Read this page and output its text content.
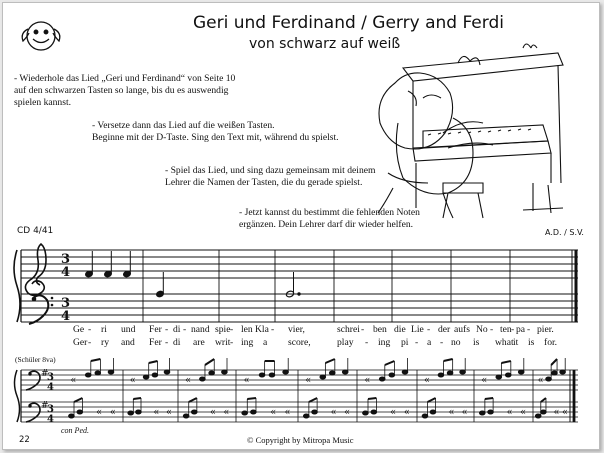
3
4
3
4
#
3
4
#
3
4
«
« «
«
« «
«
« «
«
« «
«
« «
«
« «
«
« «
«
« «
«
« «
Geri und Ferdinand / Gerry and Ferdi
von schwarz auf weiß
- Wiederhole das Lied „Geri und Ferdinand“ von Seite 10
auf den schwarzen Tasten so lange, bis du es auswendig
spielen kannst.
- Versetze dann das Lied auf die weißen Tasten.
Beginne mit der D-Taste. Sing den Text mit, während du spielst.
- Spiel das Lied, und sing dazu gemeinsam mit deinem
Lehrer die Namen der Tasten, die du gerade spielst.
- Jetzt kannst du bestimmt die fehlenden Noten
ergänzen. Dein Lehrer darf dir wieder helfen.
CD 4/41	A.D. / S.V.
(Schüler 8va)
con Ped.
22	© Copyright by Mitropa Music
Ge - ri und Fer - di - nand spie - len Kla - vier,	schrei - ben die Lie - der aufs No - ten - pa - pier.
Ger - ry and Fer - di are writ - ing a score,	play - ing pi - a - no is what it is for.
